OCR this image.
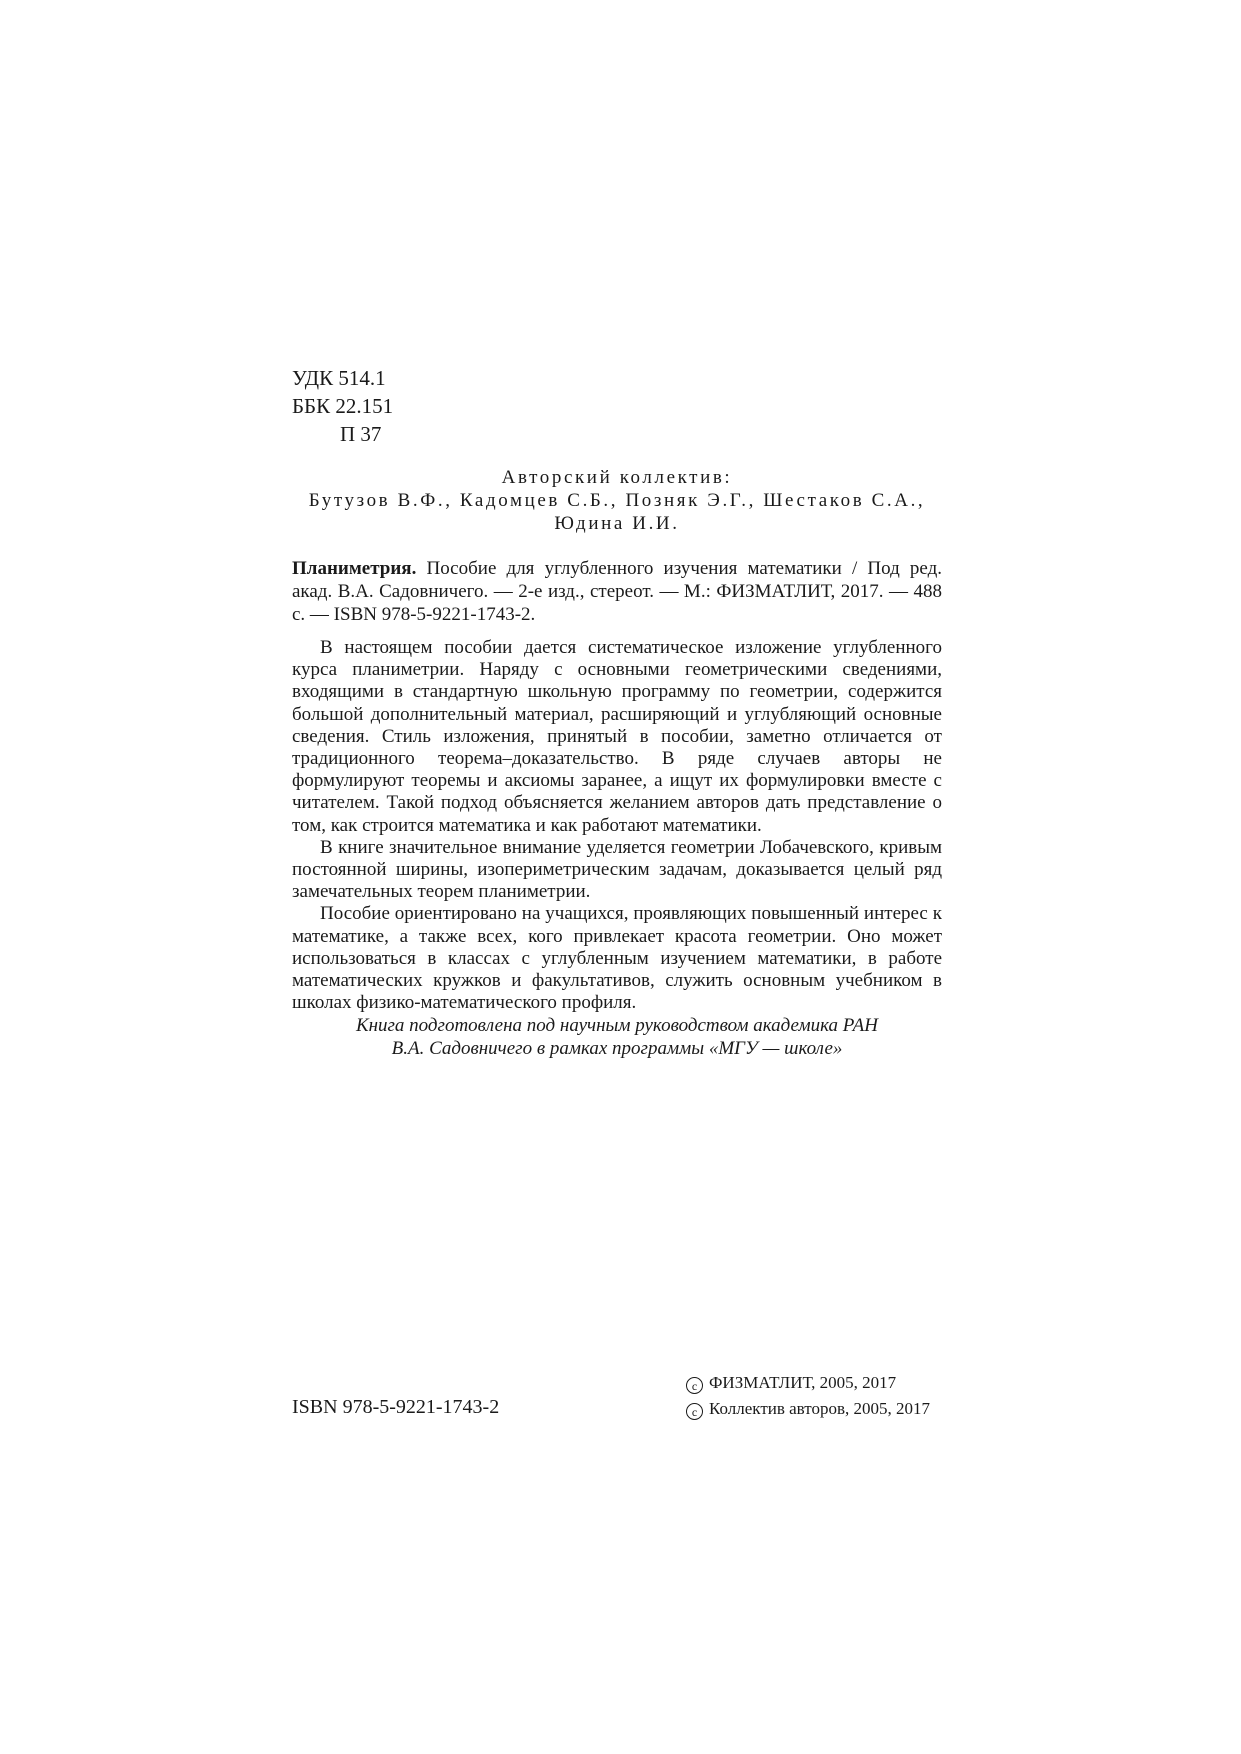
УДК 514.1
ББК 22.151
П 37
Авторский коллектив:
Бутузов В.Ф., Кадомцев С.Б., Позняк Э.Г., Шестаков С.А.,
Юдина И.И.
Планиметрия. Пособие для углубленного изучения математики / Под ред. акад. В.А. Садовничего. — 2-е изд., стереот. — М.: ФИЗМАТЛИТ, 2017. — 488 с. — ISBN 978-5-9221-1743-2.

В настоящем пособии дается систематическое изложение углубленного курса планиметрии. Наряду с основными геометрическими сведениями, входящими в стандартную школьную программу по геометрии, содержится большой дополнительный материал, расширяющий и углубляющий основные сведения. Стиль изложения, принятый в пособии, заметно отличается от традиционного теорема–доказательство. В ряде случаев авторы не формулируют теоремы и аксиомы заранее, а ищут их формулировки вместе с читателем. Такой подход объясняется желанием авторов дать представление о том, как строится математика и как работают математики.

В книге значительное внимание уделяется геометрии Лобачевского, кривым постоянной ширины, изопериметрическим задачам, доказывается целый ряд замечательных теорем планиметрии.

Пособие ориентировано на учащихся, проявляющих повышенный интерес к математике, а также всех, кого привлекает красота геометрии. Оно может использоваться в классах с углубленным изучением математики, в работе математических кружков и факультативов, служить основным учебником в школах физико-математического профиля.

Книга подготовлена под научным руководством академика РАН
В.А. Садовничего в рамках программы «МГУ — школе»
ISBN 978-5-9221-1743-2
c ФИЗМАТЛИТ, 2005, 2017
c Коллектив авторов, 2005, 2017
